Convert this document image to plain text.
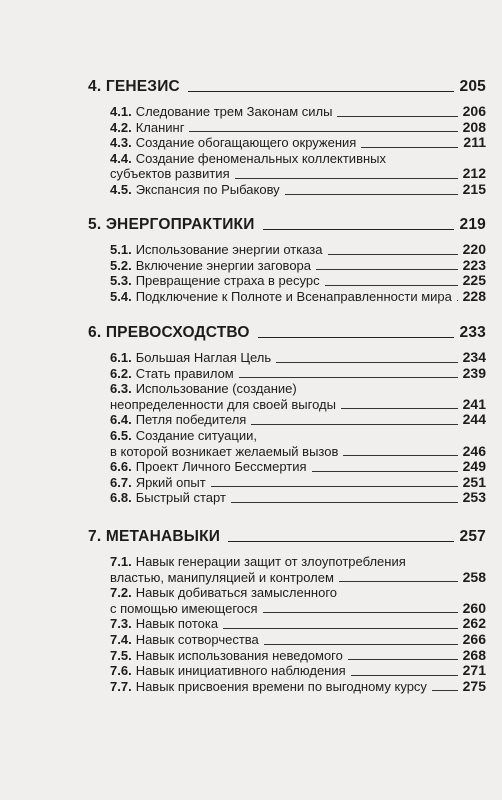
4. ГЕНЕЗИС	205
4.1. Следование трем Законам силы	206
4.2. Кланинг	208
4.3. Создание обогащающего окружения	211
4.4. Создание феноменальных коллективных
субъектов развития	212
4.5. Экспансия по Рыбакову	215
5. ЭНЕРГОПРАКТИКИ	219
5.1. Использование энергии отказа	220
5.2. Включение энергии заговора	223
5.3. Превращение страха в ресурс	225
5.4. Подключение к Полноте и Всенаправленности мира 228
6. ПРЕВОСХОДСТВО	233
6.1. Большая Наглая Цель	234
6.2. Стать правилом	239
6.3. Использование (создание)
неопределенности для своей выгоды	241
6.4. Петля победителя	244
6.5. Создание ситуации,
в которой возникает желаемый вызов	246
6.6. Проект Личного Бессмертия	249
6.7. Яркий опыт	251
6.8. Быстрый старт	253
7. МЕТАНАВЫКИ	257
7.1. Навык генерации защит от злоупотребления
властью, манипуляцией и контролем	258
7.2. Навык добиваться замысленного
с помощью имеющегося	260
7.3. Навык потока	262
7.4. Навык сотворчества	266
7.5. Навык использования неведомого	268
7.6. Навык инициативного наблюдения	271
7.7. Навык присвоения времени по выгодному курсу	275
